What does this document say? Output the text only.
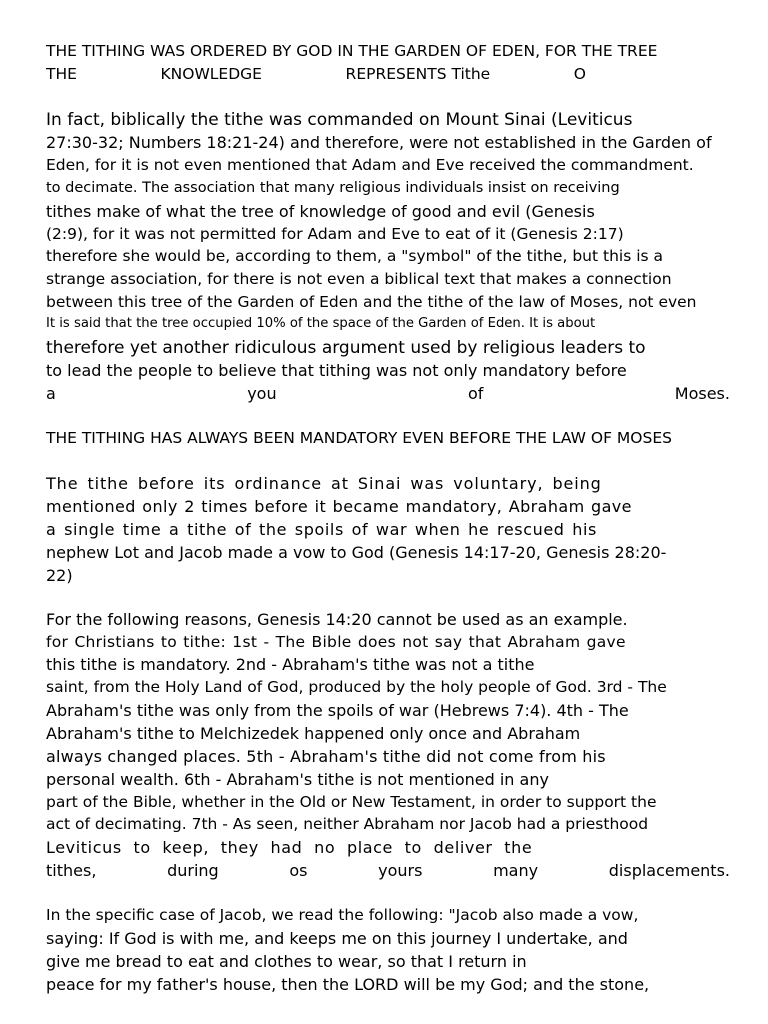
THE TITHING WAS ORDERED BY GOD IN THE GARDEN OF EDEN, FOR THE TREE
THE	KNOWLEDGE	REPRESENTS Tithe	O
In fact, biblically the tithe was commanded on Mount Sinai (Leviticus
27:30-32; Numbers 18:21-24) and therefore, were not established in the Garden of
Eden, for it is not even mentioned that Adam and Eve received the commandment.
to decimate. The association that many religious individuals insist on receiving
tithes make of what the tree of knowledge of good and evil (Genesis
(2:9), for it was not permitted for Adam and Eve to eat of it (Genesis 2:17)
therefore she would be, according to them, a "symbol" of the tithe, but this is a
strange association, for there is not even a biblical text that makes a connection
between this tree of the Garden of Eden and the tithe of the law of Moses, not even
It is said that the tree occupied 10% of the space of the Garden of Eden. It is about
therefore yet another ridiculous argument used by religious leaders to
to lead the people to believe that tithing was not only mandatory before
a	you	of	Moses.
THE TITHING HAS ALWAYS BEEN MANDATORY EVEN BEFORE THE LAW OF MOSES
The tithe before its ordinance at Sinai was voluntary, being
mentioned only 2 times before it became mandatory, Abraham gave
a single time a tithe of the spoils of war when he rescued his
nephew Lot and Jacob made a vow to God (Genesis 14:17-20, Genesis 28:20-
22)
For the following reasons, Genesis 14:20 cannot be used as an example.
for Christians to tithe: 1st - The Bible does not say that Abraham gave
this tithe is mandatory. 2nd - Abraham's tithe was not a tithe
saint, from the Holy Land of God, produced by the holy people of God. 3rd - The
Abraham's tithe was only from the spoils of war (Hebrews 7:4). 4th - The
Abraham's tithe to Melchizedek happened only once and Abraham
always changed places. 5th - Abraham's tithe did not come from his
personal wealth. 6th - Abraham's tithe is not mentioned in any
part of the Bible, whether in the Old or New Testament, in order to support the
act of decimating. 7th - As seen, neither Abraham nor Jacob had a priesthood
Leviticus to keep, they had no place to deliver the
tithes,	during	os	yours	many	displacements.
In the specific case of Jacob, we read the following: "Jacob also made a vow,
saying: If God is with me, and keeps me on this journey I undertake, and
give me bread to eat and clothes to wear, so that I return in
peace for my father's house, then the LORD will be my God; and the stone,
